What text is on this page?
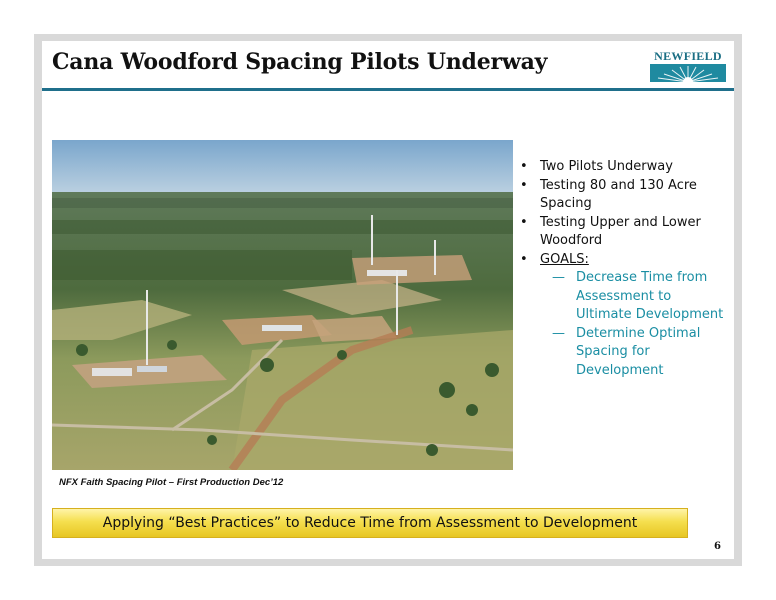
Cana Woodford Spacing Pilots Underway	NEWFIELD
NFX Faith Spacing Pilot – First Production Dec’12
• Two Pilots Underway
• Testing 80 and 130 Acre Spacing
• Testing Upper and Lower Woodford
• GOALS:
— Decrease Time from Assessment to Ultimate Development
— Determine Optimal Spacing for Development
Applying “Best Practices” to Reduce Time from Assessment to Development
6
